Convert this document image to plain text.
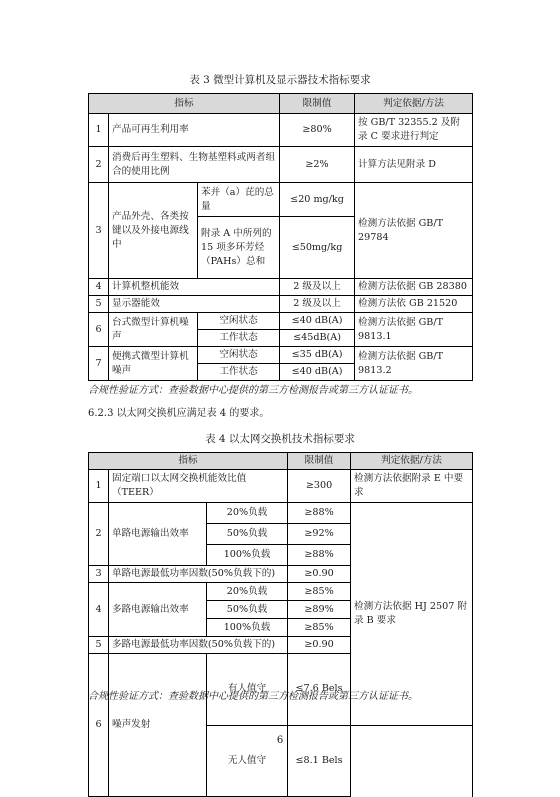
表 3 微型计算机及显示器技术指标要求
指标			限制值	判定依据/方法
1	产品可再生利用率		≥80%	按 GB/T 32355.2 及附录 C 要求进行判定
2	消费后再生塑料、生物基塑料或两者组合的使用比例		≥2%	计算方法见附录 D
3	产品外壳、各类按键以及外接电源线中	苯并（a）芘的总量	≤20 mg/kg	检测方法依据 GB/T 29784
		附录 A 中所列的 15 项多环芳烃（PAHs）总和	≤50mg/kg	
4	计算机整机能效		2 级及以上	检测方法依据 GB 28380
5	显示器能效		2 级及以上	检测方法依 GB 21520
6	台式微型计算机噪声	空闲状态	≤40 dB(A)	检测方法依据 GB/T 9813.1
		工作状态	≤45dB(A)	
7	便携式微型计算机噪声	空闲状态	≤35 dB(A)	检测方法依据 GB/T 9813.2
		工作状态	≤40 dB(A)	
合规性验证方式：查验数据中心提供的第三方检测报告或第三方认证证书。
6.2.3 以太网交换机应满足表 4 的要求。
表 4 以太网交换机技术指标要求
指标			限制值	判定依据/方法	
1	固定端口以太网交换机能效比值（TEER）		≥300	检测方法依据附录 E 中要求	
2	单路电源输出效率	20%负载	≥88%	检测方法依据 HJ 2507 附录 B 要求	
		50%负载	≥92%		
		100%负载	≥88%		
3	单路电源最低功率因数(50%负载下的)		≥0.90		
4	多路电源输出效率	20%负载	≥85%		
		50%负载	≥89%		
		100%负载	≥85%		
5	多路电源最低功率因数(50%负载下的)		≥0.90		
6	噪声发射	有人值守	≤7.6 Bels	
		无人值守	≤8.1 Bels		
合规性验证方式：查验数据中心提供的第三方检测报告或第三方认证证书。
6
